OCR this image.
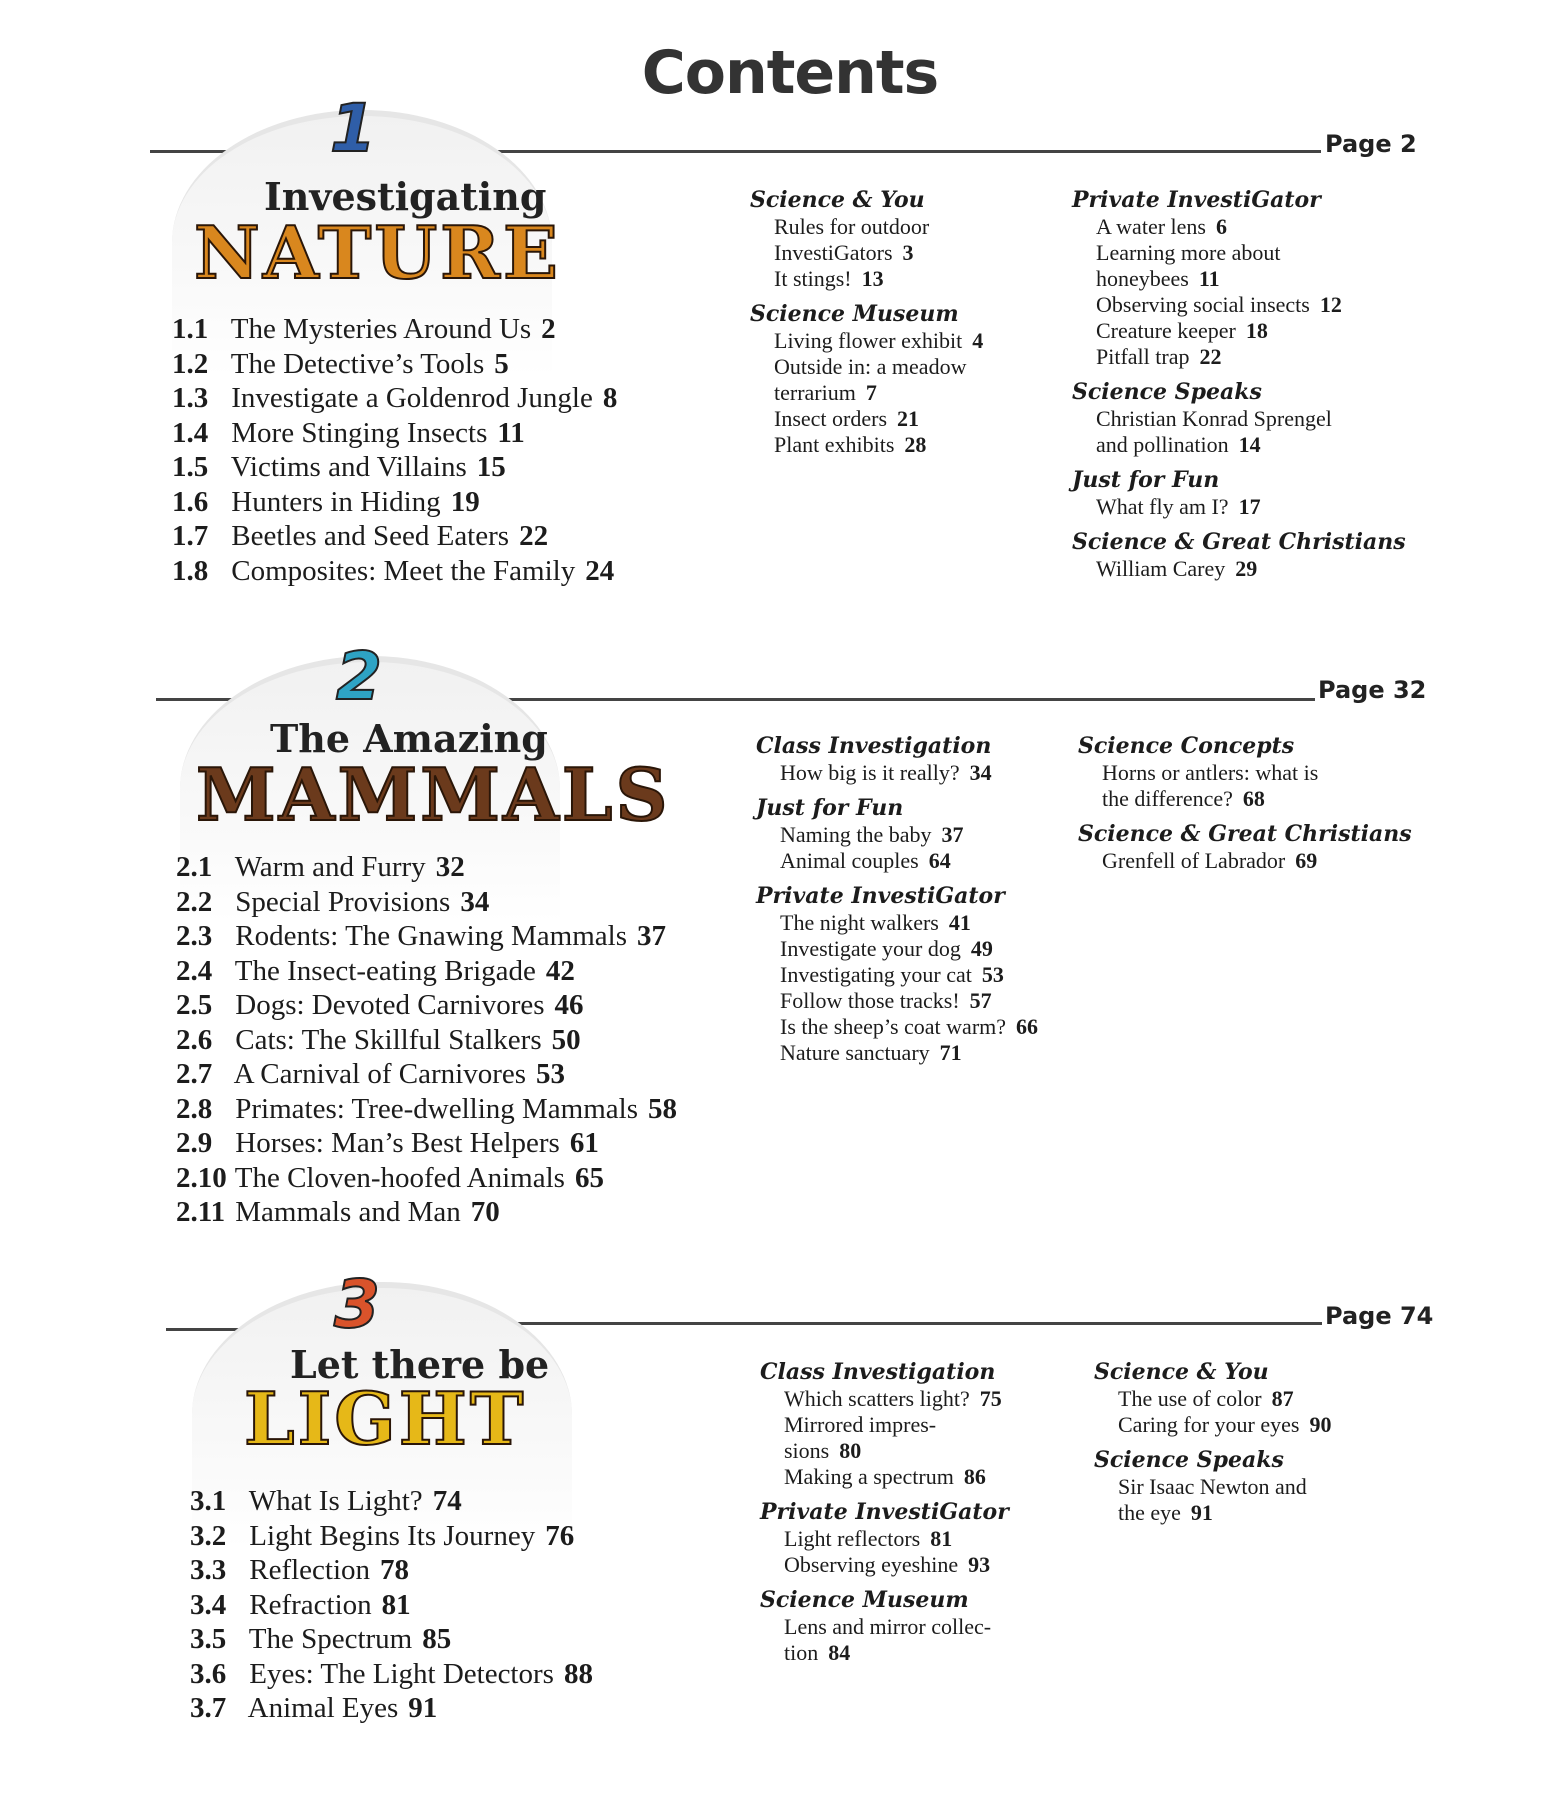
Contents
Page 2
1
Investigating
NATURE
1.1 The Mysteries Around Us 2
1.2 The Detective’s Tools 5
1.3 Investigate a Goldenrod Jungle 8
1.4 More Stinging Insects 11
1.5 Victims and Villains 15
1.6 Hunters in Hiding 19
1.7 Beetles and Seed Eaters 22
1.8 Composites: Meet the Family 24
Science & You
Rules for outdoor
InvestiGators 3
It stings! 13
Science Museum
Living flower exhibit 4
Outside in: a meadow
terrarium 7
Insect orders 21
Plant exhibits 28
Private InvestiGator
A water lens 6
Learning more about
honeybees 11
Observing social insects 12
Creature keeper 18
Pitfall trap 22
Science Speaks
Christian Konrad Sprengel
and pollination 14
Just for Fun
What fly am I? 17
Science & Great Christians
William Carey 29
Page 32
2
The Amazing
MAMMALS
2.1 Warm and Furry 32
2.2 Special Provisions 34
2.3 Rodents: The Gnawing Mammals 37
2.4 The Insect-eating Brigade 42
2.5 Dogs: Devoted Carnivores 46
2.6 Cats: The Skillful Stalkers 50
2.7 A Carnival of Carnivores 53
2.8 Primates: Tree-dwelling Mammals 58
2.9 Horses: Man’s Best Helpers 61
2.10 The Cloven-hoofed Animals 65
2.11 Mammals and Man 70
Class Investigation
How big is it really? 34
Just for Fun
Naming the baby 37
Animal couples 64
Private InvestiGator
The night walkers 41
Investigate your dog 49
Investigating your cat 53
Follow those tracks! 57
Is the sheep’s coat warm? 66
Nature sanctuary 71
Science Concepts
Horns or antlers: what is
the difference? 68
Science & Great Christians
Grenfell of Labrador 69
Page 74
3
Let there be
LIGHT
3.1 What Is Light? 74
3.2 Light Begins Its Journey 76
3.3 Reflection 78
3.4 Refraction 81
3.5 The Spectrum 85
3.6 Eyes: The Light Detectors 88
3.7 Animal Eyes 91
Class Investigation
Which scatters light? 75
Mirrored impres-
sions 80
Making a spectrum 86
Private InvestiGator
Light reflectors 81
Observing eyeshine 93
Science Museum
Lens and mirror collec-
tion 84
Science & You
The use of color 87
Caring for your eyes 90
Science Speaks
Sir Isaac Newton and
the eye 91
